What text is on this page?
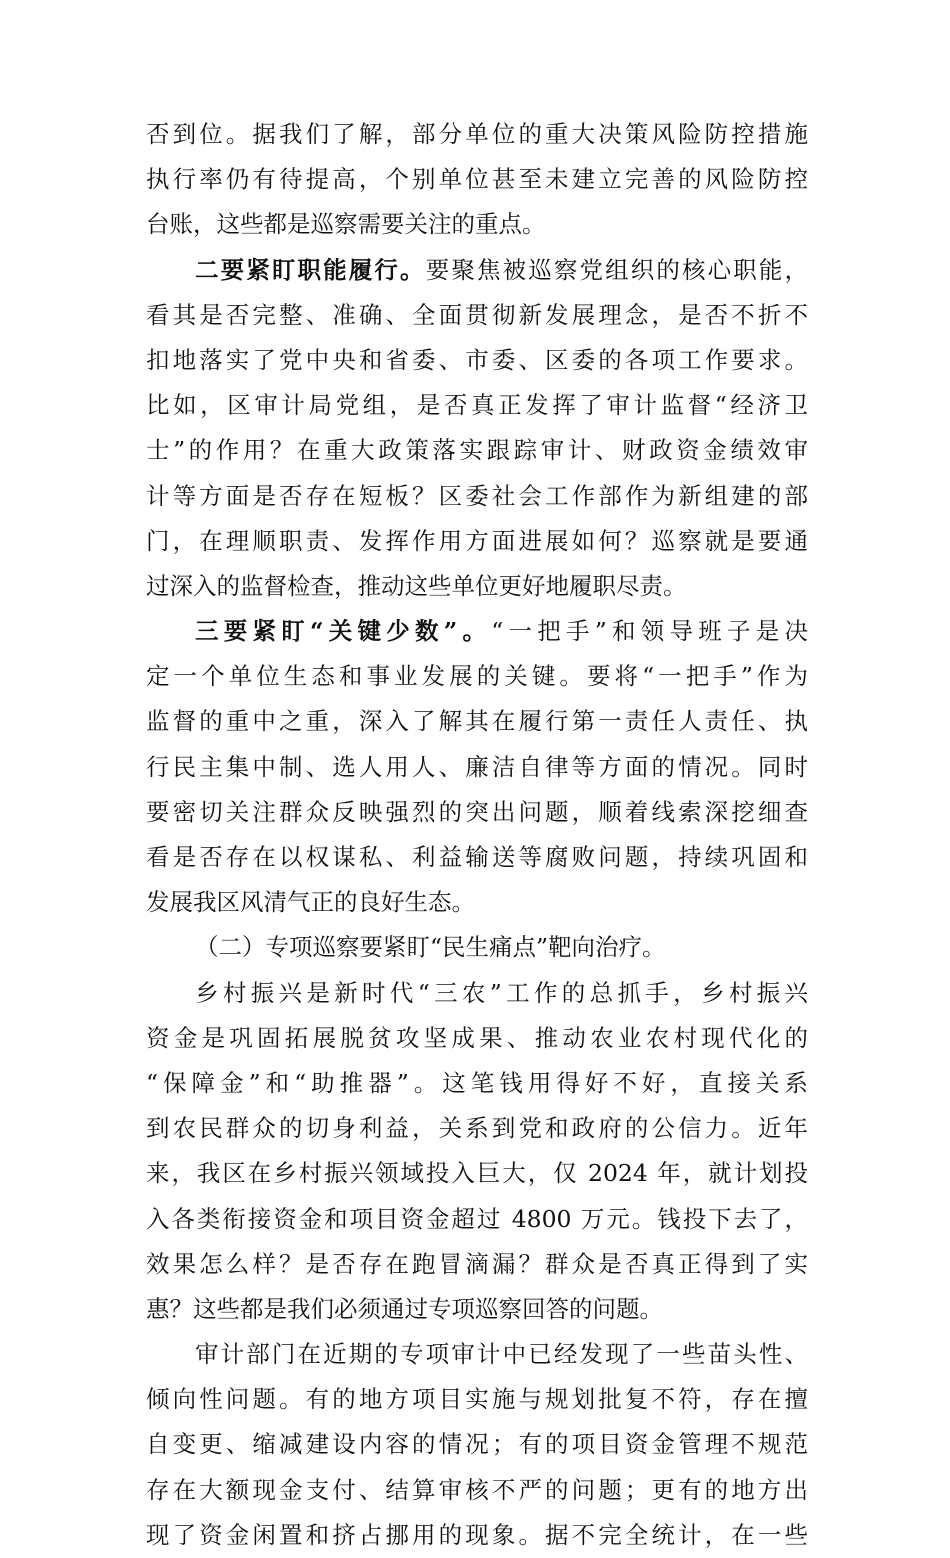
否到位。据我们了解，部分单位的重大决策风险防控措施
执行率仍有待提高，个别单位甚至未建立完善的风险防控
台账，这些都是巡察需要关注的重点。
二要紧盯职能履行。要聚焦被巡察党组织的核心职能，
看其是否完整、准确、全面贯彻新发展理念，是否不折不
扣地落实了党中央和省委、市委、区委的各项工作要求。
比如，区审计局党组，是否真正发挥了审计监督“经济卫
士”的作用？在重大政策落实跟踪审计、财政资金绩效审
计等方面是否存在短板？区委社会工作部作为新组建的部
门，在理顺职责、发挥作用方面进展如何？巡察就是要通
过深入的监督检查，推动这些单位更好地履职尽责。
三要紧盯“关键少数”。“一把手”和领导班子是决
定一个单位生态和事业发展的关键。要将“一把手”作为
监督的重中之重，深入了解其在履行第一责任人责任、执
行民主集中制、选人用人、廉洁自律等方面的情况。同时
要密切关注群众反映强烈的突出问题，顺着线索深挖细查
看是否存在以权谋私、利益输送等腐败问题，持续巩固和
发展我区风清气正的良好生态。
（二）专项巡察要紧盯“民生痛点”靶向治疗。
乡村振兴是新时代“三农”工作的总抓手，乡村振兴
资金是巩固拓展脱贫攻坚成果、推动农业农村现代化的
“保障金”和“助推器”。这笔钱用得好不好，直接关系
到农民群众的切身利益，关系到党和政府的公信力。近年
来，我区在乡村振兴领域投入巨大，仅 2024 年，就计划投
入各类衔接资金和项目资金超过 4800 万元。钱投下去了，
效果怎么样？是否存在跑冒滴漏？群众是否真正得到了实
惠？这些都是我们必须通过专项巡察回答的问题。
审计部门在近期的专项审计中已经发现了一些苗头性、
倾向性问题。有的地方项目实施与规划批复不符，存在擅
自变更、缩减建设内容的情况；有的项目资金管理不规范
存在大额现金支付、结算审核不严的问题；更有的地方出
现了资金闲置和挤占挪用的现象。据不完全统计，在一些
